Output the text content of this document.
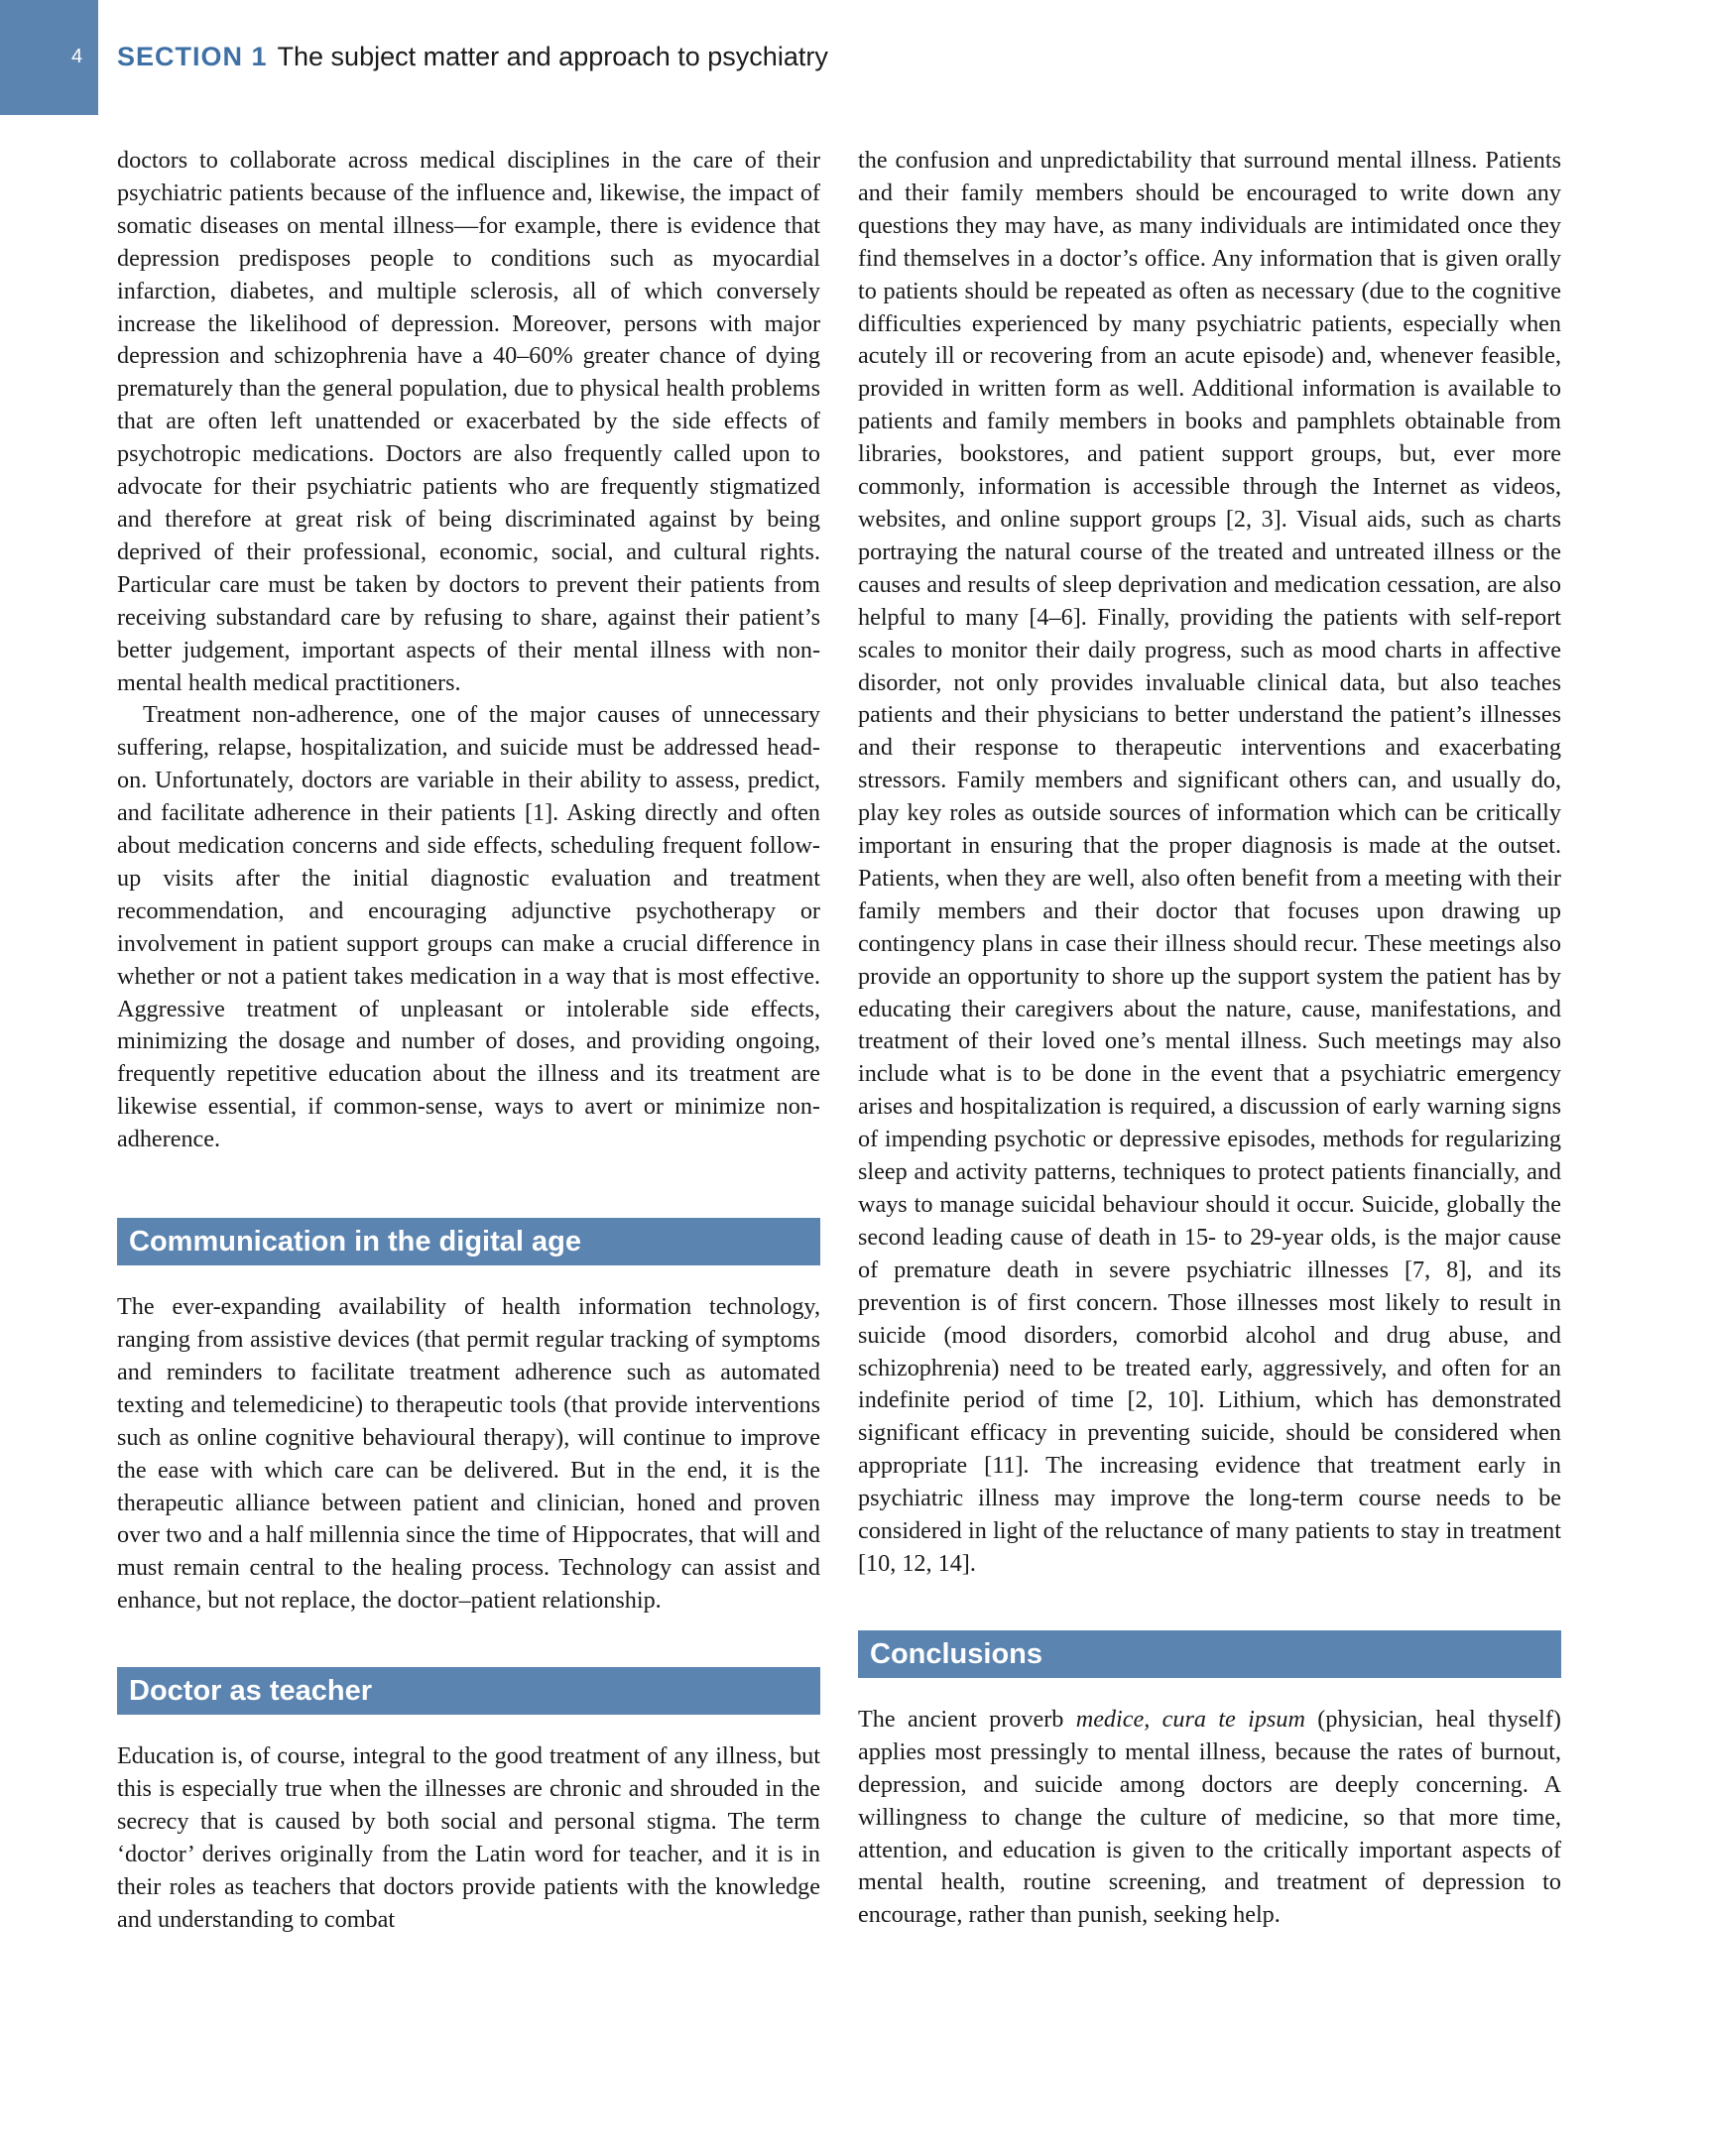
4	SECTION 1 The subject matter and approach to psychiatry

doctors to collaborate across medical disciplines in the care of their psychiatric patients because of the influence and, likewise, the impact of somatic diseases on mental illness—for example, there is evidence that depression predisposes people to conditions such as myocardial infarction, diabetes, and multiple sclerosis, all of which conversely increase the likelihood of depression. Moreover, persons with major depression and schizophrenia have a 40–60% greater chance of dying prematurely than the general population, due to physical health problems that are often left unattended or exacerbated by the side effects of psychotropic medications. Doctors are also frequently called upon to advocate for their psychiatric patients who are frequently stigmatized and therefore at great risk of being discriminated against by being deprived of their professional, economic, social, and cultural rights. Particular care must be taken by doctors to prevent their patients from receiving substandard care by refusing to share, against their patient’s better judgement, important aspects of their mental illness with non-mental health medical practitioners.

Treatment non-adherence, one of the major causes of unnecessary suffering, relapse, hospitalization, and suicide must be addressed head-on. Unfortunately, doctors are variable in their ability to assess, predict, and facilitate adherence in their patients [1]. Asking directly and often about medication concerns and side effects, scheduling frequent follow-up visits after the initial diagnostic evaluation and treatment recommendation, and encouraging adjunctive psychotherapy or involvement in patient support groups can make a crucial difference in whether or not a patient takes medication in a way that is most effective. Aggressive treatment of unpleasant or intolerable side effects, minimizing the dosage and number of doses, and providing ongoing, frequently repetitive education about the illness and its treatment are likewise essential, if common-sense, ways to avert or minimize non-adherence.

Communication in the digital age

The ever-expanding availability of health information technology, ranging from assistive devices (that permit regular tracking of symptoms and reminders to facilitate treatment adherence such as automated texting and telemedicine) to therapeutic tools (that provide interventions such as online cognitive behavioural therapy), will continue to improve the ease with which care can be delivered. But in the end, it is the therapeutic alliance between patient and clinician, honed and proven over two and a half millennia since the time of Hippocrates, that will and must remain central to the healing process. Technology can assist and enhance, but not replace, the doctor–patient relationship.

Doctor as teacher

Education is, of course, integral to the good treatment of any illness, but this is especially true when the illnesses are chronic and shrouded in the secrecy that is caused by both social and personal stigma. The term ‘doctor’ derives originally from the Latin word for teacher, and it is in their roles as teachers that doctors provide patients with the knowledge and understanding to combat

the confusion and unpredictability that surround mental illness. Patients and their family members should be encouraged to write down any questions they may have, as many individuals are intimidated once they find themselves in a doctor’s office. Any information that is given orally to patients should be repeated as often as necessary (due to the cognitive difficulties experienced by many psychiatric patients, especially when acutely ill or recovering from an acute episode) and, whenever feasible, provided in written form as well. Additional information is available to patients and family members in books and pamphlets obtainable from libraries, bookstores, and patient support groups, but, ever more commonly, information is accessible through the Internet as videos, websites, and online support groups [2, 3]. Visual aids, such as charts portraying the natural course of the treated and untreated illness or the causes and results of sleep deprivation and medication cessation, are also helpful to many [4–6]. Finally, providing the patients with self-report scales to monitor their daily progress, such as mood charts in affective disorder, not only provides invaluable clinical data, but also teaches patients and their physicians to better understand the patient’s illnesses and their response to therapeutic interventions and exacerbating stressors. Family members and significant others can, and usually do, play key roles as outside sources of information which can be critically important in ensuring that the proper diagnosis is made at the outset. Patients, when they are well, also often benefit from a meeting with their family members and their doctor that focuses upon drawing up contingency plans in case their illness should recur. These meetings also provide an opportunity to shore up the support system the patient has by educating their caregivers about the nature, cause, manifestations, and treatment of their loved one’s mental illness. Such meetings may also include what is to be done in the event that a psychiatric emergency arises and hospitalization is required, a discussion of early warning signs of impending psychotic or depressive episodes, methods for regularizing sleep and activity patterns, techniques to protect patients financially, and ways to manage suicidal behaviour should it occur. Suicide, globally the second leading cause of death in 15- to 29-year olds, is the major cause of premature death in severe psychiatric illnesses [7, 8], and its prevention is of first concern. Those illnesses most likely to result in suicide (mood disorders, comorbid alcohol and drug abuse, and schizophrenia) need to be treated early, aggressively, and often for an indefinite period of time [2, 10]. Lithium, which has demonstrated significant efficacy in preventing suicide, should be considered when appropriate [11]. The increasing evidence that treatment early in psychiatric illness may improve the long-term course needs to be considered in light of the reluctance of many patients to stay in treatment [10, 12, 14].

Conclusions

The ancient proverb medice, cura te ipsum (physician, heal thyself) applies most pressingly to mental illness, because the rates of burnout, depression, and suicide among doctors are deeply concerning. A willingness to change the culture of medicine, so that more time, attention, and education is given to the critically important aspects of mental health, routine screening, and treatment of depression to encourage, rather than punish, seeking help.
